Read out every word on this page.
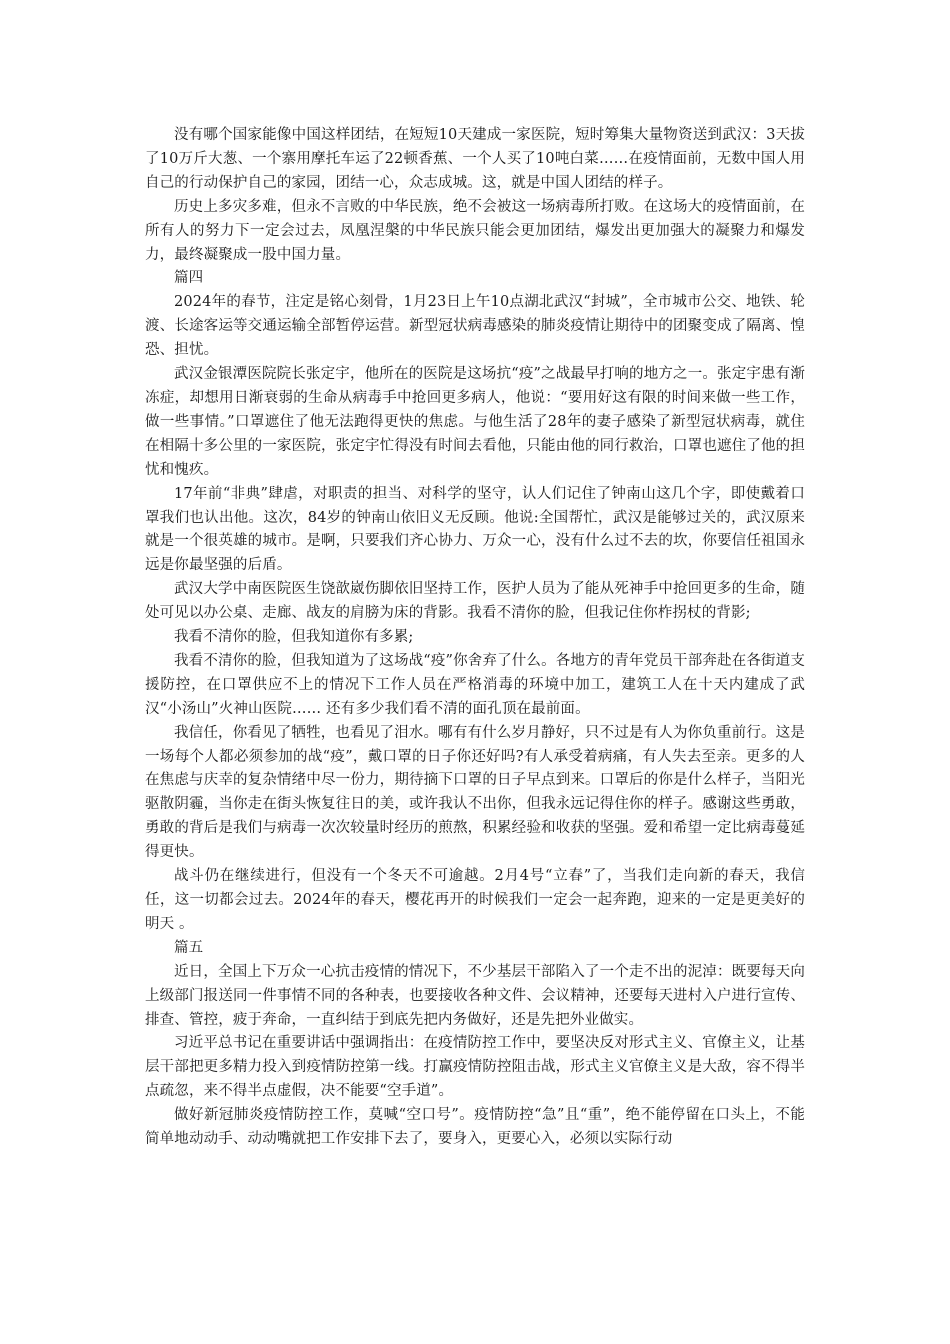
没有哪个国家能像中国这样团结，在短短10天建成一家医院，短时筹集大量物资送到武汉：3天拔了10万斤大葱、一个寨用摩托车运了22顿香蕉、一个人买了10吨白菜……在疫情面前，无数中国人用自己的行动保护自己的家园，团结一心，众志成城。这，就是中国人团结的样子。

历史上多灾多难，但永不言败的中华民族，绝不会被这一场病毒所打败。在这场大的疫情面前，在所有人的努力下一定会过去，凤凰涅槃的中华民族只能会更加团结，爆发出更加强大的凝聚力和爆发力，最终凝聚成一股中国力量。

篇四

2024年的春节，注定是铭心刻骨，1月23日上午10点湖北武汉“封城”，全市城市公交、地铁、轮渡、长途客运等交通运输全部暂停运营。新型冠状病毒感染的肺炎疫情让期待中的团聚变成了隔离、惶恐、担忧。

武汉金银潭医院院长张定宇，他所在的医院是这场抗“疫”之战最早打响的地方之一。张定宇患有渐冻症，却想用日渐衰弱的生命从病毒手中抢回更多病人，他说：“要用好这有限的时间来做一些工作，做一些事情。”口罩遮住了他无法跑得更快的焦虑。与他生活了28年的妻子感染了新型冠状病毒，就住在相隔十多公里的一家医院，张定宇忙得没有时间去看他，只能由他的同行救治，口罩也遮住了他的担忧和愧疚。

17年前“非典”肆虐，对职责的担当、对科学的坚守，认人们记住了钟南山这几个字，即使戴着口罩我们也认出他。这次，84岁的钟南山依旧义无反顾。他说:全国帮忙，武汉是能够过关的，武汉原来就是一个很英雄的城市。是啊，只要我们齐心协力、万众一心，没有什么过不去的坎，你要信任祖国永远是你最坚强的后盾。

武汉大学中南医院医生饶歆崴伤脚依旧坚持工作，医护人员为了能从死神手中抢回更多的生命，随处可见以办公桌、走廊、战友的肩膀为床的背影。我看不清你的脸，但我记住你柞拐杖的背影;

我看不清你的脸，但我知道你有多累;

我看不清你的脸，但我知道为了这场战“疫”你舍弃了什么。各地方的青年党员干部奔赴在各街道支援防控，在口罩供应不上的情况下工作人员在严格消毒的环境中加工，建筑工人在十天内建成了武汉“小汤山”火神山医院…… 还有多少我们看不清的面孔顶在最前面。

我信任，你看见了牺牲，也看见了泪水。哪有有什么岁月静好，只不过是有人为你负重前行。这是一场每个人都必须参加的战“疫”，戴口罩的日子你还好吗?有人承受着病痛，有人失去至亲。更多的人在焦虑与庆幸的复杂情绪中尽一份力，期待摘下口罩的日子早点到来。口罩后的你是什么样子，当阳光驱散阴霾，当你走在街头恢复往日的美，或许我认不出你，但我永远记得住你的样子。感谢这些勇敢，勇敢的背后是我们与病毒一次次较量时经历的煎熬，积累经验和收获的坚强。爱和希望一定比病毒蔓延得更快。

战斗仍在继续进行，但没有一个冬天不可逾越。2月4号“立春”了，当我们走向新的春天，我信任，这一切都会过去。2024年的春天，樱花再开的时候我们一定会一起奔跑，迎来的一定是更美好的明天 。

篇五

近日，全国上下万众一心抗击疫情的情况下，不少基层干部陷入了一个走不出的泥淖：既要每天向上级部门报送同一件事情不同的各种表，也要接收各种文件、会议精神，还要每天进村入户进行宣传、排查、管控，疲于奔命，一直纠结于到底先把内务做好，还是先把外业做实。

习近平总书记在重要讲话中强调指出：在疫情防控工作中，要坚决反对形式主义、官僚主义，让基层干部把更多精力投入到疫情防控第一线。打赢疫情防控阻击战，形式主义官僚主义是大敌，容不得半点疏忽，来不得半点虚假，决不能要“空手道”。

做好新冠肺炎疫情防控工作，莫喊“空口号”。疫情防控“急”且“重”，绝不能停留在口头上，不能简单地动动手、动动嘴就把工作安排下去了，要身入，更要心入，必须以实际行动
